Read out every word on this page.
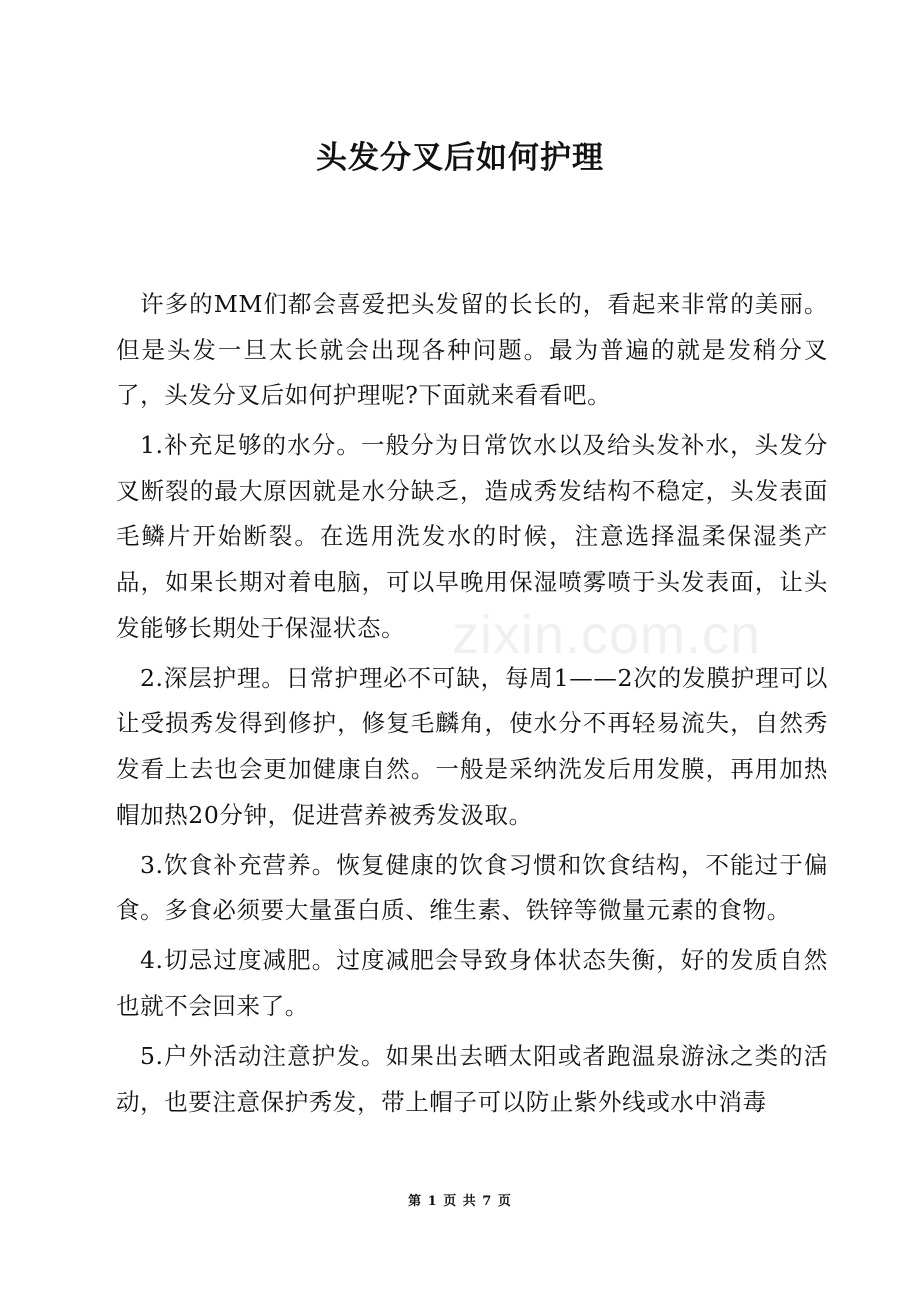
头发分叉后如何护理

许多的MM们都会喜爱把头发留的长长的，看起来非常的美丽。但是头发一旦太长就会出现各种问题。最为普遍的就是发稍分叉了，头发分叉后如何护理呢?下面就来看看吧。

1.补充足够的水分。一般分为日常饮水以及给头发补水，头发分叉断裂的最大原因就是水分缺乏，造成秀发结构不稳定，头发表面毛鳞片开始断裂。在选用洗发水的时候，注意选择温柔保湿类产品，如果长期对着电脑，可以早晚用保湿喷雾喷于头发表面，让头发能够长期处于保湿状态。

2.深层护理。日常护理必不可缺，每周1——2次的发膜护理可以让受损秀发得到修护，修复毛麟角，使水分不再轻易流失，自然秀发看上去也会更加健康自然。一般是采纳洗发后用发膜，再用加热帽加热20分钟，促进营养被秀发汲取。

3.饮食补充营养。恢复健康的饮食习惯和饮食结构，不能过于偏食。多食必须要大量蛋白质、维生素、铁锌等微量元素的食物。

4.切忌过度减肥。过度减肥会导致身体状态失衡，好的发质自然也就不会回来了。

5.户外活动注意护发。如果出去晒太阳或者跑温泉游泳之类的活动，也要注意保护秀发，带上帽子可以防止紫外线或水中消毒

zixin.com.cn
第 1 页 共 7 页
